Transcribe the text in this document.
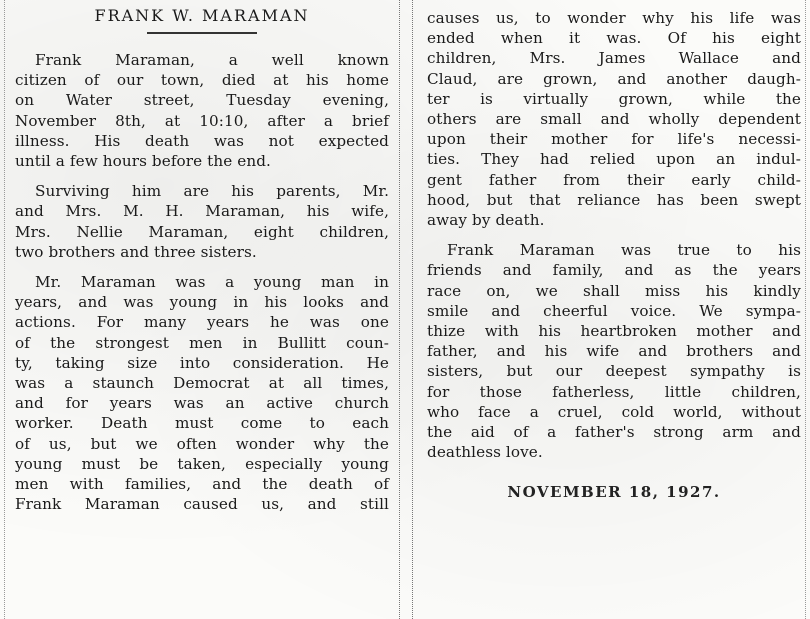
FRANK W. MARAMAN
Frank Maraman, a well known
citizen of our town, died at his home
on Water street, Tuesday evening,
November 8th, at 10:10, after a brief
illness. His death was not expected
until a few hours before the end.
Surviving him are his parents, Mr.
and Mrs. M. H. Maraman, his wife,
Mrs. Nellie Maraman, eight children,
two brothers and three sisters.
Mr. Maraman was a young man in
years, and was young in his looks and
actions. For many years he was one
of the strongest men in Bullitt coun-
ty, taking size into consideration. He
was a staunch Democrat at all times,
and for years was an active church
worker. Death must come to each
of us, but we often wonder why the
young must be taken, especially young
men with families, and the death of
Frank Maraman caused us, and still
causes us, to wonder why his life was
ended when it was. Of his eight
children, Mrs. James Wallace and
Claud, are grown, and another daugh-
ter is virtually grown, while the
others are small and wholly dependent
upon their mother for life's necessi-
ties. They had relied upon an indul-
gent father from their early child-
hood, but that reliance has been swept
away by death.
Frank Maraman was true to his
friends and family, and as the years
race on, we shall miss his kindly
smile and cheerful voice. We sympa-
thize with his heartbroken mother and
father, and his wife and brothers and
sisters, but our deepest sympathy is
for those fatherless, little children,
who face a cruel, cold world, without
the aid of a father's strong arm and
deathless love.
NOVEMBER 18, 1927.
